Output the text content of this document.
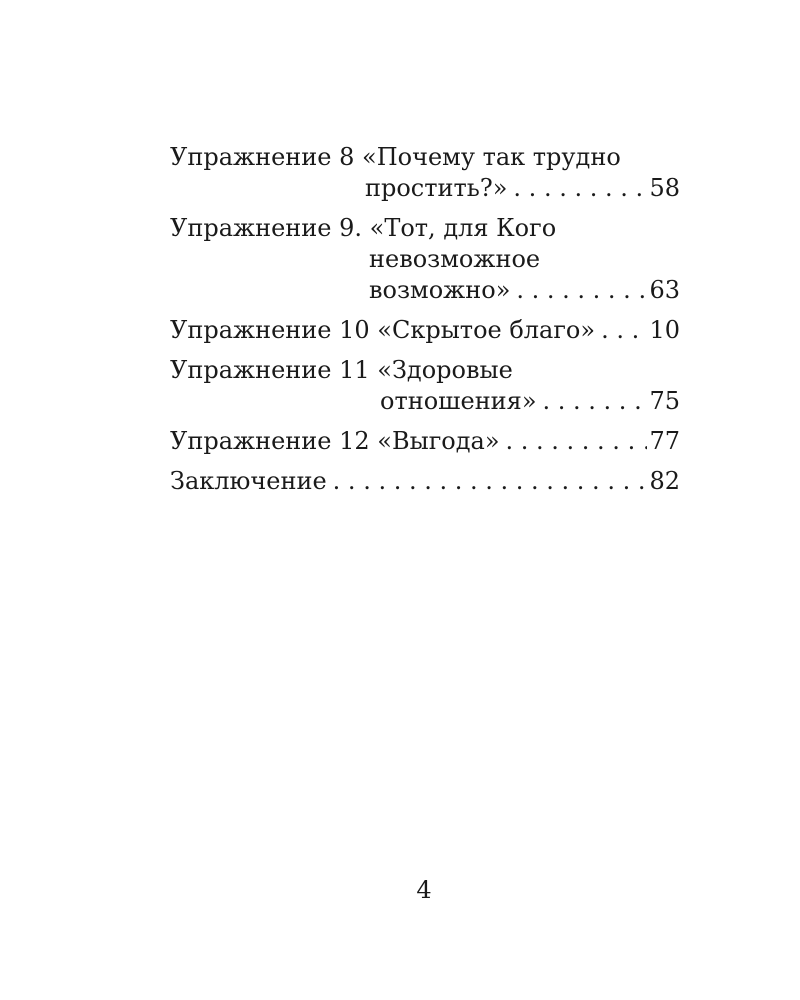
Упражнение 8 «Почему так трудно
простить?» . . .	58
Упражнение 9. «Тот, для Кого
невозможное
возможно» . . .	63
Упражнение 10 «Скрытое благо» . . . 10
Упражнение 11 «Здоровые
отношения» . . .	75
Упражнение 12 «Выгода» . . .	77
Заключение . . .	82
4
